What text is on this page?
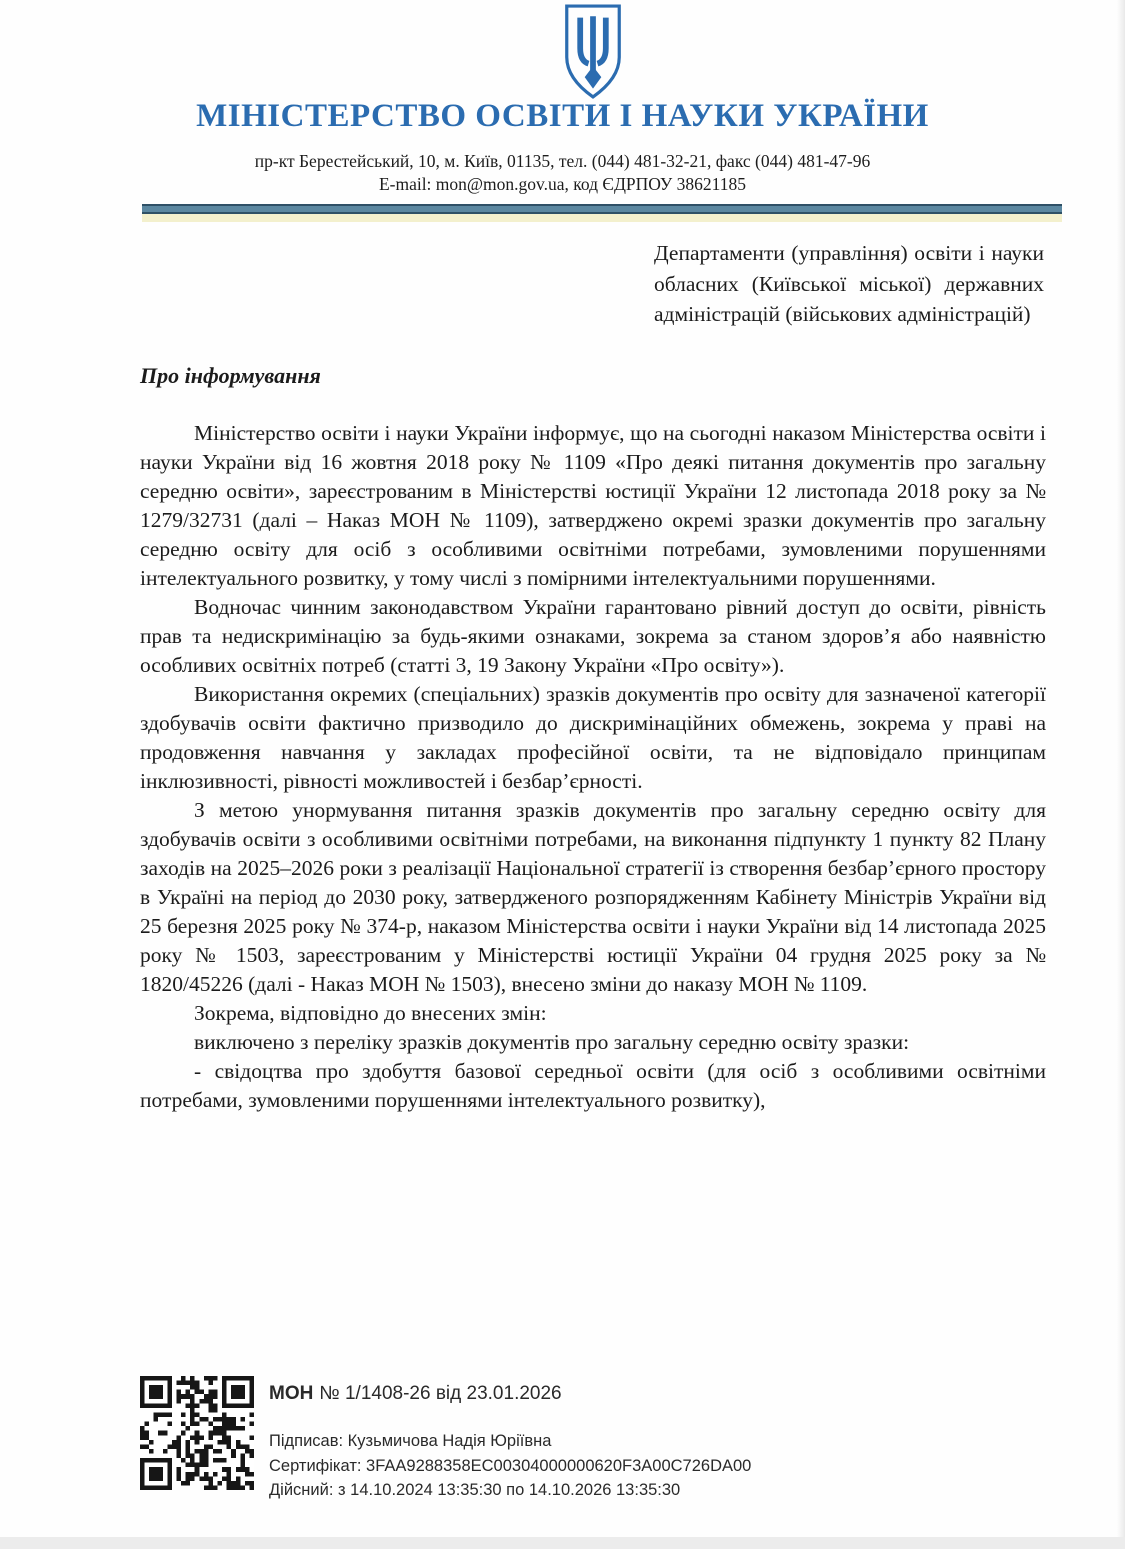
МІНІСТЕРСТВО ОСВІТИ І НАУКИ УКРАЇНИ
пр-кт Берестейський, 10, м. Київ, 01135, тел. (044) 481-32-21, факс (044) 481-47-96
E-mail: mon@mon.gov.ua, код ЄДРПОУ 38621185
Департаменти (управління) освіти і науки обласних (Київської міської) державних адміністрацій (військових адміністрацій)
Про інформування

Міністерство освіти і науки України інформує, що на сьогодні наказом Міністерства освіти і науки України від 16 жовтня 2018 року № 1109 «Про деякі питання документів про загальну середню освіти», зареєстрованим в Міністерстві юстиції України 12 листопада 2018 року за № 1279/32731 (далі – Наказ МОН № 1109), затверджено окремі зразки документів про загальну середню освіту для осіб з особливими освітніми потребами, зумовленими порушеннями інтелектуального розвитку, у тому числі з помірними інтелектуальними порушеннями.

Водночас чинним законодавством України гарантовано рівний доступ до освіти, рівність прав та недискримінацію за будь-якими ознаками, зокрема за станом здоров’я або наявністю особливих освітніх потреб (статті 3, 19 Закону України «Про освіту»).

Використання окремих (спеціальних) зразків документів про освіту для зазначеної категорії здобувачів освіти фактично призводило до дискримінаційних обмежень, зокрема у праві на продовження навчання у закладах професійної освіти, та не відповідало принципам інклюзивності, рівності можливостей і безбар’єрності.

З метою унормування питання зразків документів про загальну середню освіту для здобувачів освіти з особливими освітніми потребами, на виконання підпункту 1 пункту 82 Плану заходів на 2025–2026 роки з реалізації Національної стратегії із створення безбар’єрного простору в Україні на період до 2030 року, затвердженого розпорядженням Кабінету Міністрів України від 25 березня 2025 року № 374-р, наказом Міністерства освіти і науки України від 14 листопада 2025 року № 1503, зареєстрованим у Міністерстві юстиції України 04 грудня 2025 року за № 1820/45226 (далі - Наказ МОН № 1503), внесено зміни до наказу МОН № 1109.

Зокрема, відповідно до внесених змін:

виключено з переліку зразків документів про загальну середню освіту зразки:

- свідоцтва про здобуття базової середньої освіти (для осіб з особливими освітніми потребами, зумовленими порушеннями інтелектуального розвитку),

МОН № 1/1408-26 від 23.01.2026
Підписав: Кузьмичова Надія Юріївна
Сертифікат: 3FAA9288358EC00304000000620F3A00C726DA00
Дійсний: з 14.10.2024 13:35:30 по 14.10.2026 13:35:30
